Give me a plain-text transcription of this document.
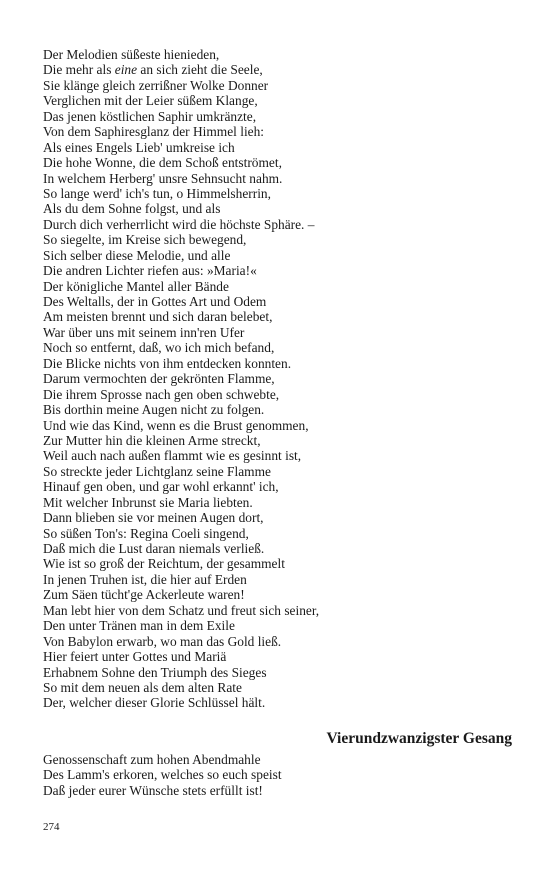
Der Melodien süßeste hienieden,
Die mehr als eine an sich zieht die Seele,
Sie klänge gleich zerrißner Wolke Donner
Verglichen mit der Leier süßem Klange,
Das jenen köstlichen Saphir umkränzte,
Von dem Saphiresglanz der Himmel lieh:
Als eines Engels Lieb' umkreise ich
Die hohe Wonne, die dem Schoß entströmet,
In welchem Herberg' unsre Sehnsucht nahm.
So lange werd' ich's tun, o Himmelsherrin,
Als du dem Sohne folgst, und als
Durch dich verherrlicht wird die höchste Sphäre. –
So siegelte, im Kreise sich bewegend,
Sich selber diese Melodie, und alle
Die andren Lichter riefen aus: »Maria!«
Der königliche Mantel aller Bände
Des Weltalls, der in Gottes Art und Odem
Am meisten brennt und sich daran belebet,
War über uns mit seinem inn'ren Ufer
Noch so entfernt, daß, wo ich mich befand,
Die Blicke nichts von ihm entdecken konnten.
Darum vermochten der gekrönten Flamme,
Die ihrem Sprosse nach gen oben schwebte,
Bis dorthin meine Augen nicht zu folgen.
Und wie das Kind, wenn es die Brust genommen,
Zur Mutter hin die kleinen Arme streckt,
Weil auch nach außen flammt wie es gesinnt ist,
So streckte jeder Lichtglanz seine Flamme
Hinauf gen oben, und gar wohl erkannt' ich,
Mit welcher Inbrunst sie Maria liebten.
Dann blieben sie vor meinen Augen dort,
So süßen Ton's: Regina Coeli singend,
Daß mich die Lust daran niemals verließ.
Wie ist so groß der Reichtum, der gesammelt
In jenen Truhen ist, die hier auf Erden
Zum Säen tücht'ge Ackerleute waren!
Man lebt hier von dem Schatz und freut sich seiner,
Den unter Tränen man in dem Exile
Von Babylon erwarb, wo man das Gold ließ.
Hier feiert unter Gottes und Mariä
Erhabnem Sohne den Triumph des Sieges
So mit dem neuen als dem alten Rate
Der, welcher dieser Glorie Schlüssel hält.
Vierundzwanzigster Gesang
Genossenschaft zum hohen Abendmahle
Des Lamm's erkoren, welches so euch speist
Daß jeder eurer Wünsche stets erfüllt ist!
274
